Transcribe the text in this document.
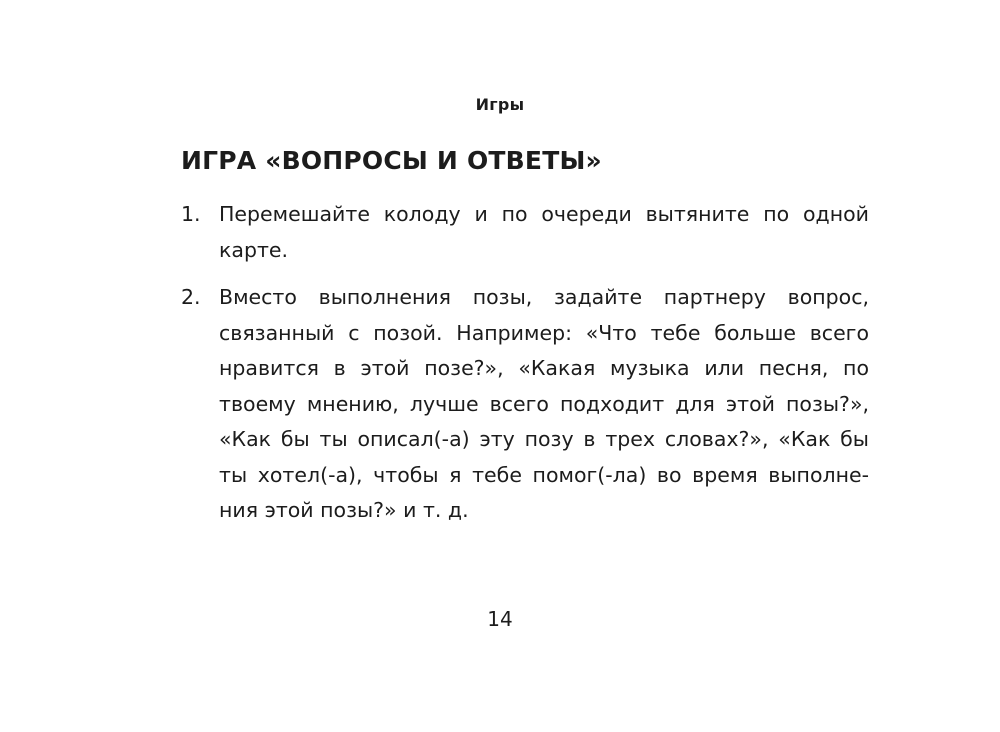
Игры
ИГРА «ВОПРОСЫ И ОТВЕТЫ»
1. Перемешайте колоду и по очереди вытяните по одной
карте.
2. Вместо выполнения позы, задайте партнеру вопрос,
связанный с позой. Например: «Что тебе больше всего
нравится в этой позе?», «Какая музыка или песня, по
твоему мнению, лучше всего подходит для этой позы?»,
«Как бы ты описал(-а) эту позу в трех словах?», «Как бы
ты хотел(-а), чтобы я тебе помог(-ла) во время выполне-
ния этой позы?» и т. д.
14
